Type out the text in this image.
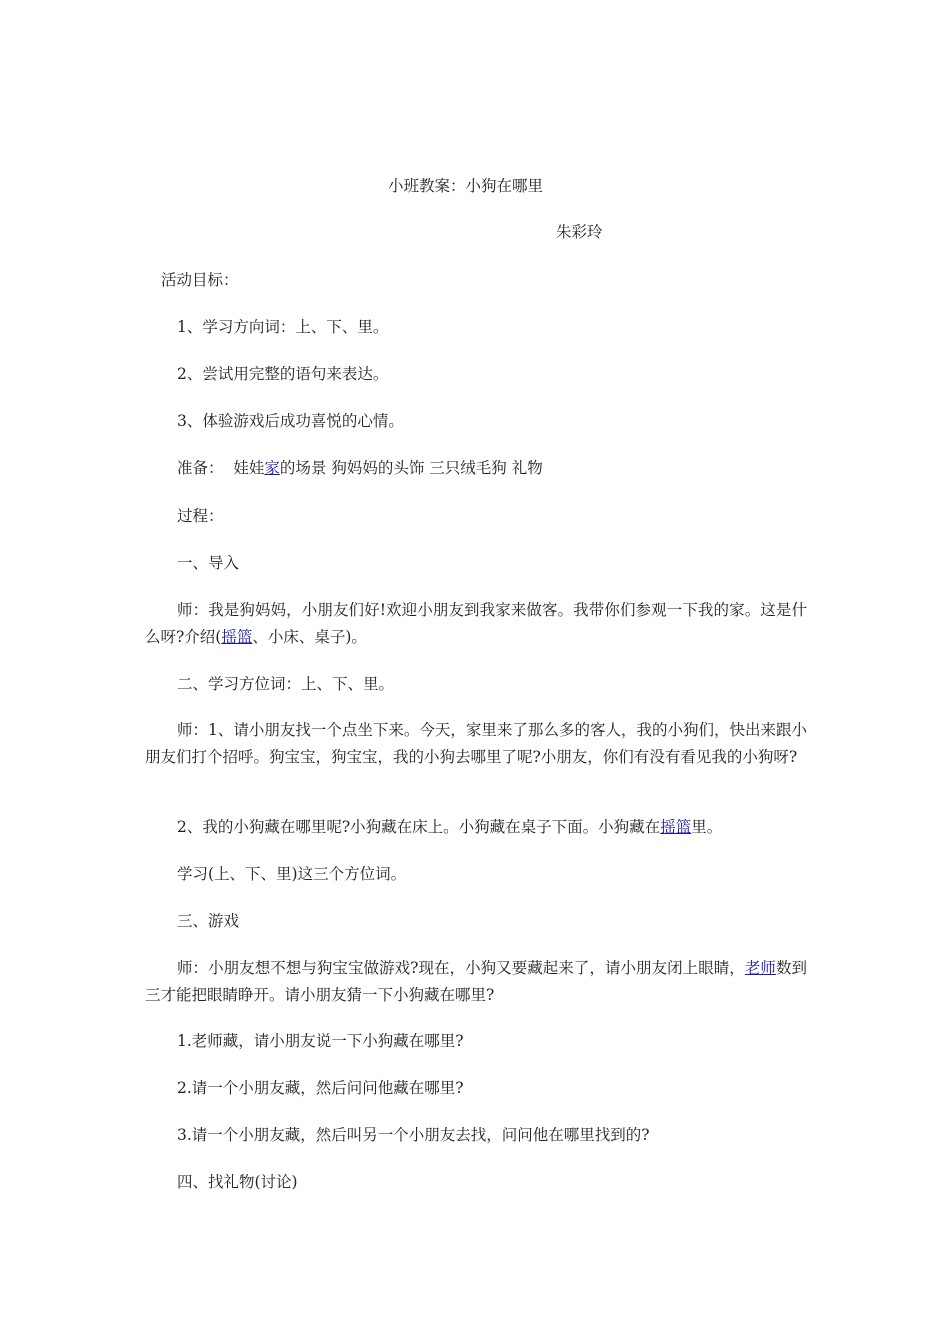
小班教案：小狗在哪里
朱彩玲
活动目标：
1、学习方向词：上、下、里。
2、尝试用完整的语句来表达。
3、体验游戏后成功喜悦的心情。
准备： 娃娃家的场景 狗妈妈的头饰 三只绒毛狗 礼物
过程：
一、导入
师：我是狗妈妈，小朋友们好!欢迎小朋友到我家来做客。我带你们参观一下我的家。这是什么呀?介绍(摇篮、小床、桌子)。
二、学习方位词：上、下、里。
师：1、请小朋友找一个点坐下来。今天，家里来了那么多的客人，我的小狗们，快出来跟小朋友们打个招呼。狗宝宝，狗宝宝，我的小狗去哪里了呢?小朋友，你们有没有看见我的小狗呀?
2、我的小狗藏在哪里呢?小狗藏在床上。小狗藏在桌子下面。小狗藏在摇篮里。
学习(上、下、里)这三个方位词。
三、游戏
师：小朋友想不想与狗宝宝做游戏?现在，小狗又要藏起来了，请小朋友闭上眼睛，老师数到三才能把眼睛睁开。请小朋友猜一下小狗藏在哪里?
1.老师藏，请小朋友说一下小狗藏在哪里?
2.请一个小朋友藏，然后问问他藏在哪里?
3.请一个小朋友藏，然后叫另一个小朋友去找，问问他在哪里找到的?
四、找礼物(讨论)
